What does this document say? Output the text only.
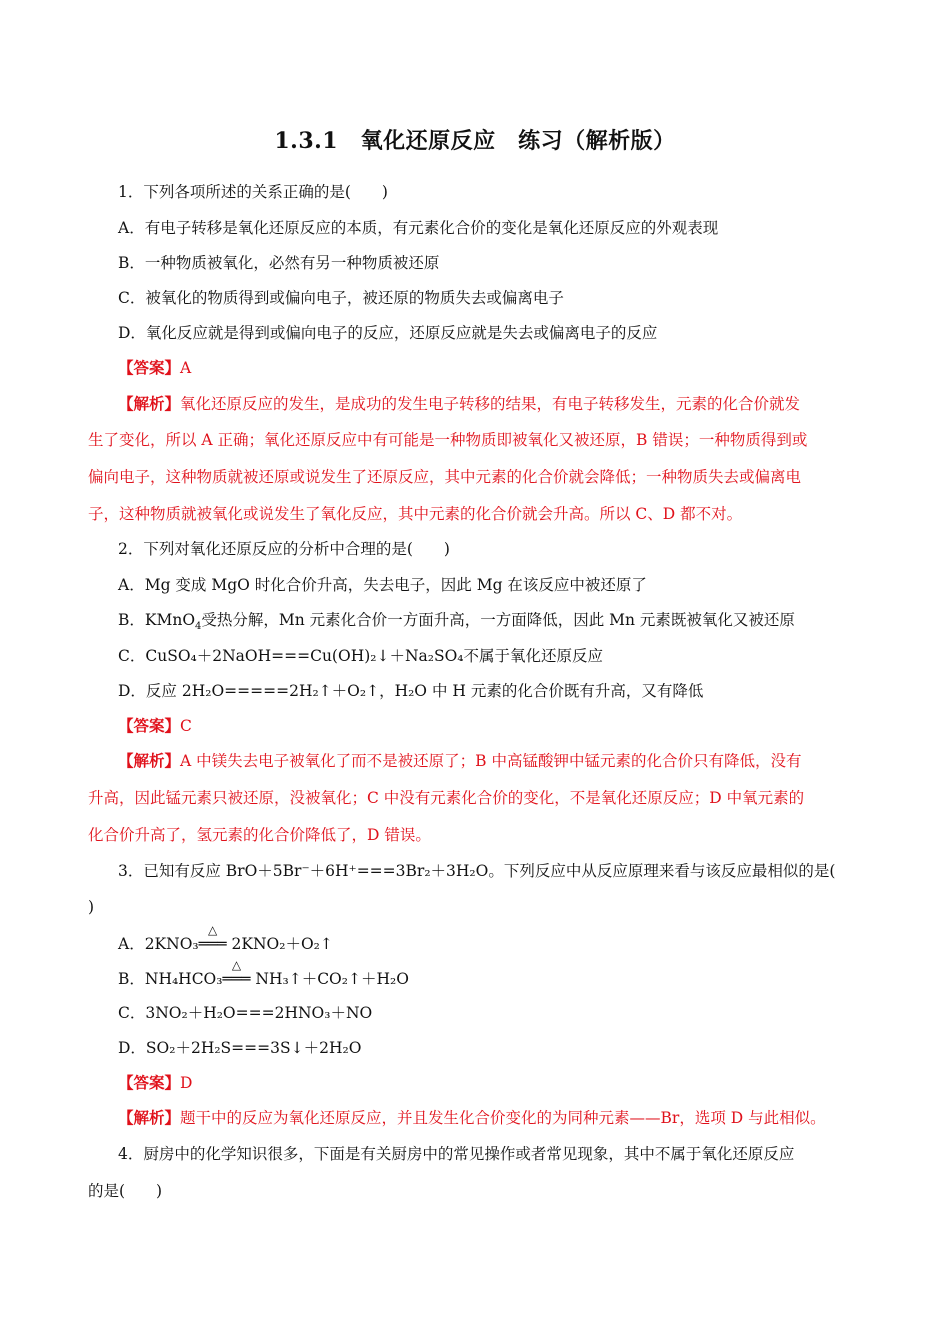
1.3.1　氧化还原反应　练习（解析版）
1．下列各项所述的关系正确的是(　　)
A．有电子转移是氧化还原反应的本质，有元素化合价的变化是氧化还原反应的外观表现
B．一种物质被氧化，必然有另一种物质被还原
C．被氧化的物质得到或偏向电子，被还原的物质失去或偏离电子
D．氧化反应就是得到或偏向电子的反应，还原反应就是失去或偏离电子的反应
【答案】A
【解析】氧化还原反应的发生，是成功的发生电子转移的结果，有电子转移发生，元素的化合价就发
生了变化，所以 A 正确；氧化还原反应中有可能是一种物质即被氧化又被还原，B 错误；一种物质得到或
偏向电子，这种物质就被还原或说发生了还原反应，其中元素的化合价就会降低；一种物质失去或偏离电
子，这种物质就被氧化或说发生了氧化反应，其中元素的化合价就会升高。所以 C、D 都不对。
2．下列对氧化还原反应的分析中合理的是(　　)
A．Mg 变成 MgO 时化合价升高，失去电子，因此 Mg 在该反应中被还原了
B．KMnO$_4$受热分解，Mn 元素化合价一方面升高，一方面降低，因此 Mn 元素既被氧化又被还原
C．CuSO₄＋2NaOH===Cu(OH)₂↓＋Na₂SO₄不属于氧化还原反应
D．反应 2H₂O=====2H₂↑＋O₂↑，H₂O 中 H 元素的化合价既有升高，又有降低
【答案】C
【解析】A 中镁失去电子被氧化了而不是被还原了；B 中高锰酸钾中锰元素的化合价只有降低，没有
升高，因此锰元素只被还原，没被氧化；C 中没有元素化合价的变化，不是氧化还原反应；D 中氧元素的
化合价升高了，氢元素的化合价降低了，D 错误。
3．已知有反应 BrO＋5Br⁻＋6H⁺===3Br₂＋3H₂O。下列反应中从反应原理来看与该反应最相似的是(
)
A．2KNO₃
△
═══ 2KNO₂＋O₂↑
B．NH₄HCO₃
△
═══ NH₃↑＋CO₂↑＋H₂O
C．3NO₂＋H₂O===2HNO₃＋NO
D．SO₂＋2H₂S===3S↓＋2H₂O
【答案】D
【解析】题干中的反应为氧化还原反应，并且发生化合价变化的为同种元素——Br，选项 D 与此相似。
4．厨房中的化学知识很多，下面是有关厨房中的常见操作或者常见现象，其中不属于氧化还原反应
的是(　　)
